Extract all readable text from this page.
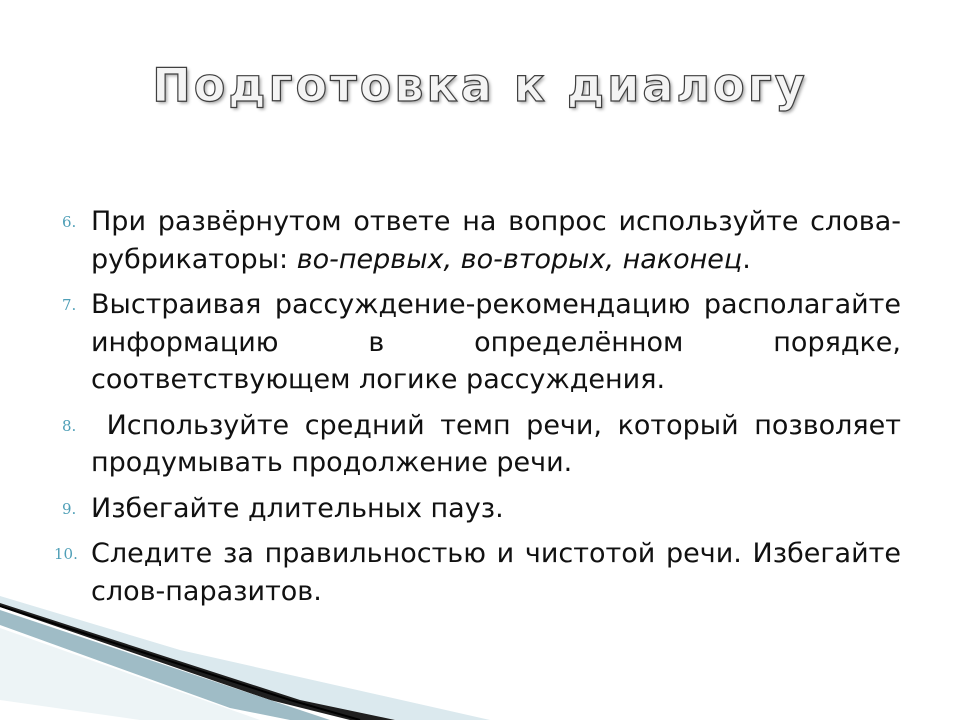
Подготовка к диалогу
6. При развёрнутом ответе на вопрос используйте слова-рубрикаторы: во-первых, во-вторых, наконец.
7. Выстраивая рассуждение-рекомендацию располагайте информацию в определённом порядке, соответствующем логике рассуждения.
8. Используйте средний темп речи, который позволяет продумывать продолжение речи.
9. Избегайте длительных пауз.
10. Следите за правильностью и чистотой речи. Избегайте слов-паразитов.
